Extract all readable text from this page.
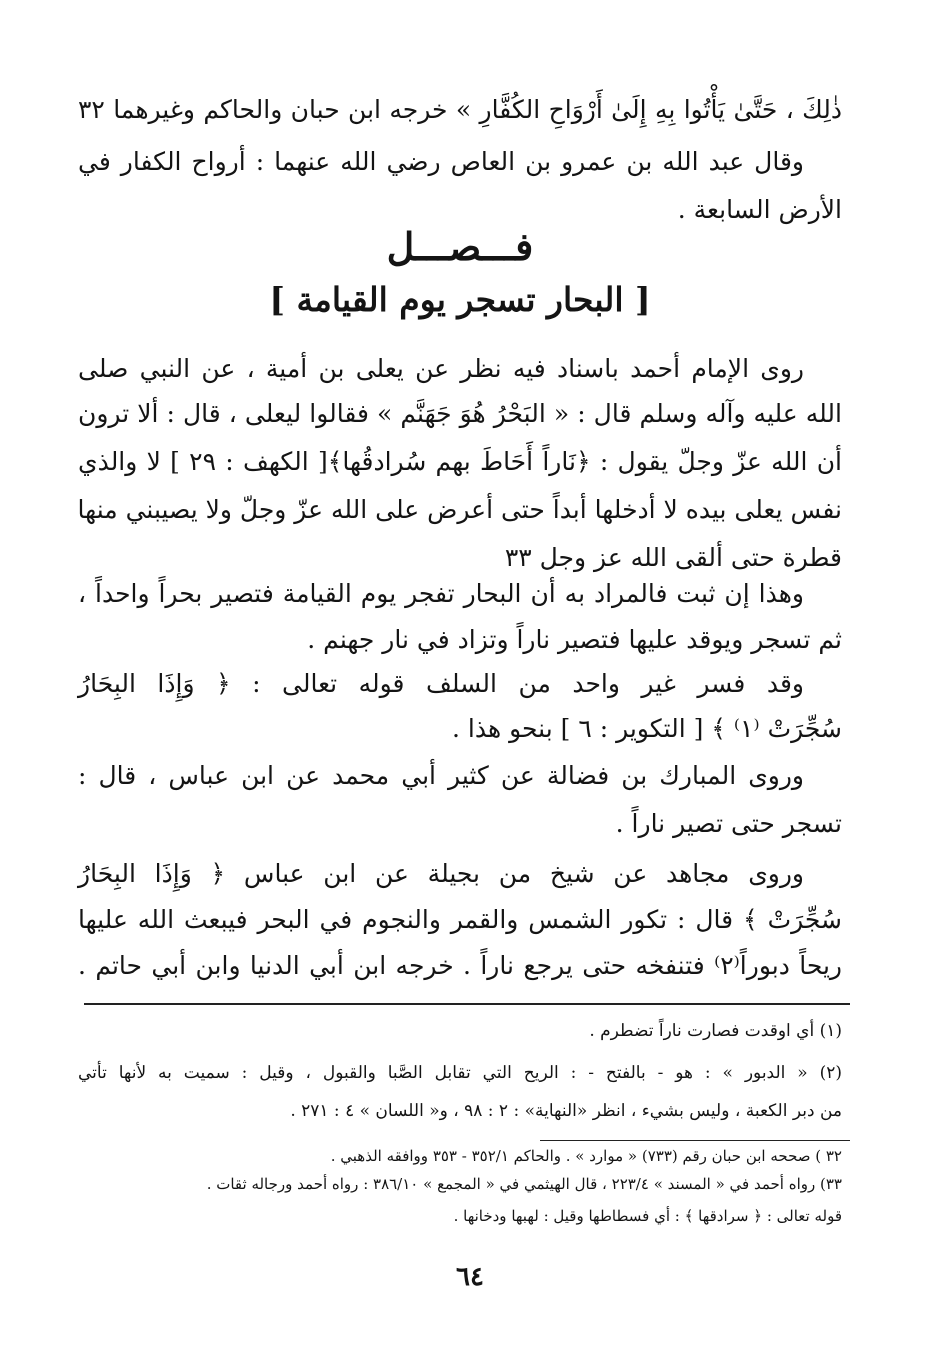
ذٰلِكَ ، حَتَّىٰ يَأْتُوا بِهِ إِلَىٰ أَرْوَاحِ الكُفَّارِ » خرجه ابن حبان والحاكم وغيرهما ٣٢
وقال عبد الله بن عمرو بن العاص رضي الله عنهما : أرواح الكفار في
الأرض السابعة .
فـــصـــل
[ البحار تسجر يوم القيامة ]
روى الإمام أحمد باسناد فيه نظر عن يعلى بن أمية ، عن النبي صلى
الله عليه وآله وسلم قال : « البَحْرُ هُوَ جَهَنَّم » فقالوا ليعلى ، قال : ألا ترون
أن الله عزّ وجلّ يقول : ﴿نَاراً أَحَاطَ بهم سُرادقُها﴾[ الكهف : ٢٩ ] لا والذي
نفس يعلى بيده لا أدخلها أبداً حتى أعرض على الله عزّ وجلّ ولا يصيبني منها
قطرة حتى ألقى الله عز وجل ٣٣
وهذا إن ثبت فالمراد به أن البحار تفجر يوم القيامة فتصير بحراً واحداً ،
ثم تسجر ويوقد عليها فتصير ناراً وتزاد في نار جهنم .
وقد فسر غير واحد من السلف قوله تعالى : ﴿ وَإِذَا البِحَارُ
سُجِّرَتْ ⁽١⁾ ﴾ [ التكوير : ٦ ] بنحو هذا .
وروى المبارك بن فضالة عن كثير أبي محمد عن ابن عباس ، قال :
تسجر حتى تصير ناراً .
وروى مجاهد عن شيخ من بجيلة عن ابن عباس ﴿ وَإِذَا البِحَارُ
سُجِّرَتْ ﴾ قال : تكور الشمس والقمر والنجوم في البحر فيبعث الله عليها
ريحاً دبوراً⁽٢⁾ فتنفخه حتى يرجع ناراً . خرجه ابن أبي الدنيا وابن أبي حاتم .
(١) أي اوقدت فصارت ناراً تضطرم .
(٢) « الدبور » : هو - بالفتح - : الريح التي تقابل الصَّبا والقبول ، وقيل : سميت به لأنها تأتي
من دبر الكعبة ، وليس بشيء ، انظر «النهاية» : ٢ : ٩٨ ، و« اللسان » ٤ : ٢٧١ .
٣٢ ) صححه ابن حبان رقم (٧٣٣) « موارد » . والحاكم ٣٥٢/١ - ٣٥٣ ووافقه الذهبي .
٣٣) رواه أحمد في « المسند » ٢٢٣/٤ ، قال الهيثمي في « المجمع » ٣٨٦/١٠ : رواه أحمد ورجاله ثقات .
قوله تعالى : ﴿ سرادقها ﴾ : أي فسطاطها وقيل : لهبها ودخانها .
٦٤
